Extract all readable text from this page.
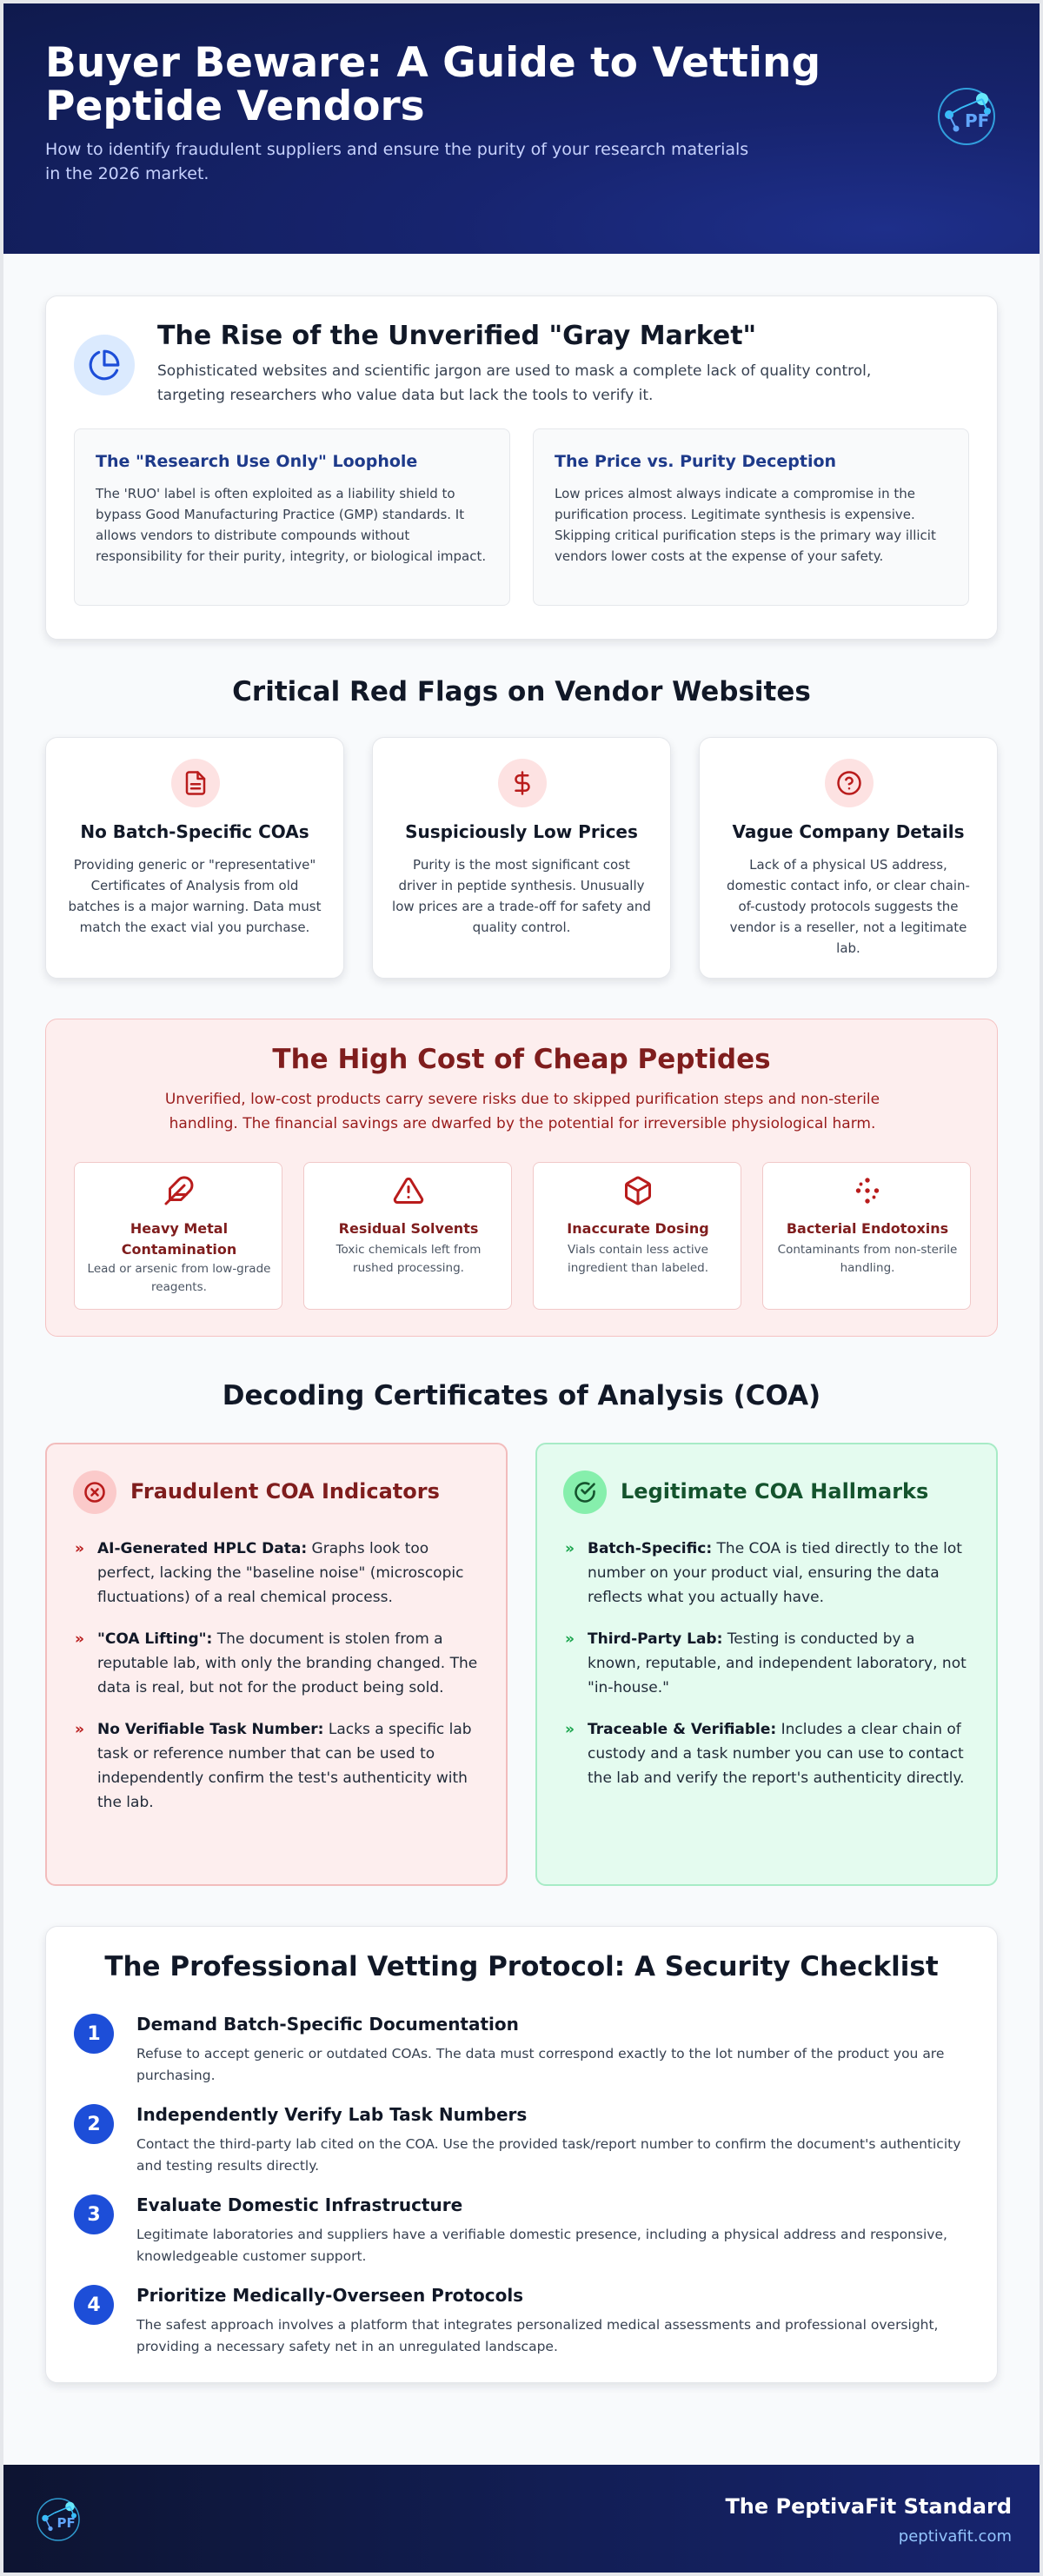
Buyer Beware: A Guide to Vetting Peptide Vendors
How to identify fraudulent suppliers and ensure the purity of your research materials in the 2026 market.
PF
The Rise of the Unverified "Gray Market"
Sophisticated websites and scientific jargon are used to mask a complete lack of quality control, targeting researchers who value data but lack the tools to verify it.
The "Research Use Only" Loophole
The 'RUO' label is often exploited as a liability shield to bypass Good Manufacturing Practice (GMP) standards. It allows vendors to distribute compounds without responsibility for their purity, integrity, or biological impact.
The Price vs. Purity Deception
Low prices almost always indicate a compromise in the purification process. Legitimate synthesis is expensive. Skipping critical purification steps is the primary way illicit vendors lower costs at the expense of your safety.
Critical Red Flags on Vendor Websites
No Batch-Specific COAs
Providing generic or "representative" Certificates of Analysis from old batches is a major warning. Data must match the exact vial you purchase.
Suspiciously Low Prices
Purity is the most significant cost driver in peptide synthesis. Unusually low prices are a trade-off for safety and quality control.
Vague Company Details
Lack of a physical US address, domestic contact info, or clear chain-of-custody protocols suggests the vendor is a reseller, not a legitimate lab.
The High Cost of Cheap Peptides
Unverified, low-cost products carry severe risks due to skipped purification steps and non-sterile handling. The financial savings are dwarfed by the potential for irreversible physiological harm.
Heavy Metal Contamination
Lead or arsenic from low-grade reagents.
Residual Solvents
Toxic chemicals left from rushed processing.
Inaccurate Dosing
Vials contain less active ingredient than labeled.
Bacterial Endotoxins
Contaminants from non-sterile handling.
Decoding Certificates of Analysis (COA)
Fraudulent COA Indicators
» AI-Generated HPLC Data: Graphs look too perfect, lacking the "baseline noise" (microscopic fluctuations) of a real chemical process.
» "COA Lifting": The document is stolen from a reputable lab, with only the branding changed. The data is real, but not for the product being sold.
» No Verifiable Task Number: Lacks a specific lab task or reference number that can be used to independently confirm the test's authenticity with the lab.
Legitimate COA Hallmarks
» Batch-Specific: The COA is tied directly to the lot number on your product vial, ensuring the data reflects what you actually have.
» Third-Party Lab: Testing is conducted by a known, reputable, and independent laboratory, not "in-house."
» Traceable & Verifiable: Includes a clear chain of custody and a task number you can use to contact the lab and verify the report's authenticity directly.
The Professional Vetting Protocol: A Security Checklist
1	Demand Batch-Specific Documentation
Refuse to accept generic or outdated COAs. The data must correspond exactly to the lot number of the product you are purchasing.
2	Independently Verify Lab Task Numbers
Contact the third-party lab cited on the COA. Use the provided task/report number to confirm the document's authenticity and testing results directly.
3	Evaluate Domestic Infrastructure
Legitimate laboratories and suppliers have a verifiable domestic presence, including a physical address and responsive, knowledgeable customer support.
4	Prioritize Medically-Overseen Protocols
The safest approach involves a platform that integrates personalized medical assessments and professional oversight, providing a necessary safety net in an unregulated landscape.
PF
The PeptivaFit Standard
peptivafit.com
